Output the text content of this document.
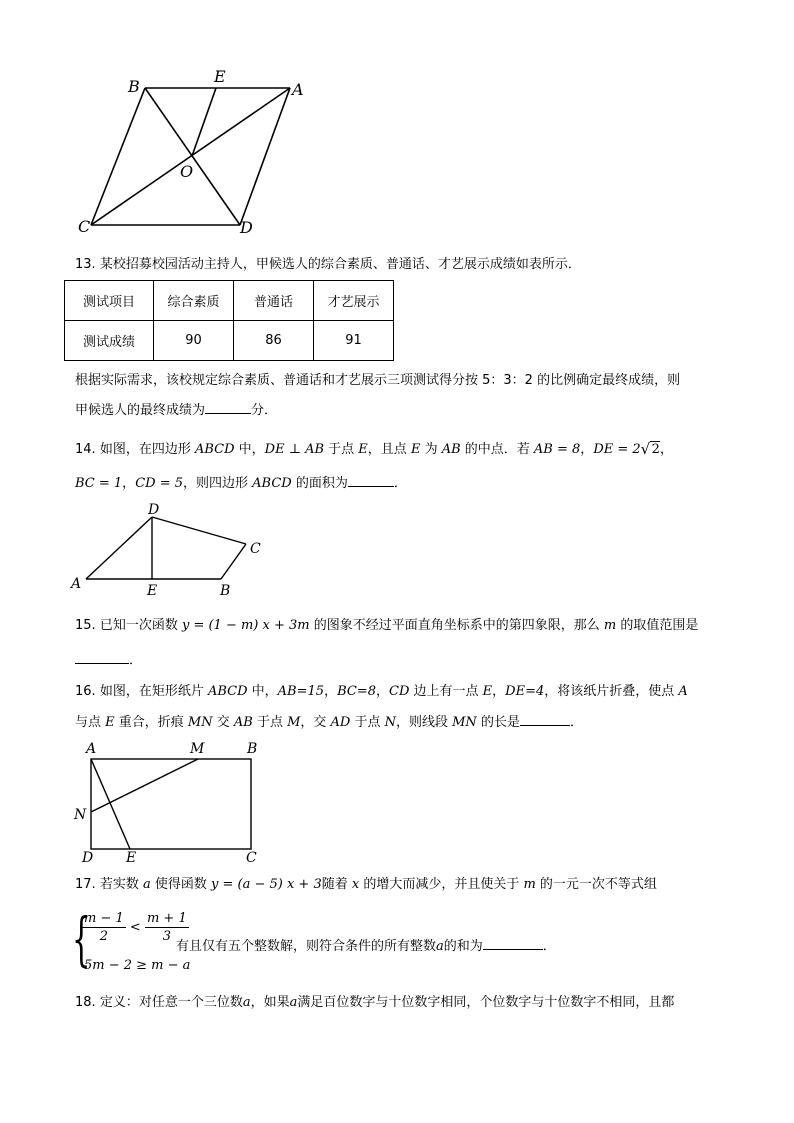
B
E
A
O
C	D
13. 某校招募校园活动主持人，甲候选人的综合素质、普通话、才艺展示成绩如表所示．
测试项目	综合素质	普通话	才艺展示
测试成绩	90	86	91
根据实际需求，该校规定综合素质、普通话和才艺展示三项测试得分按 5：3：2 的比例确定最终成绩，则
甲候选人的最终成绩为	分．
14. 如图，在四边形 ABCD 中，DE ⊥ AB 于点 E，且点 E 为 AB 的中点．若 AB = 8，DE = 2 √ 2，
BC = 1，CD = 5，则四边形 ABCD 的面积为	．
D
C
A	E	B
15. 已知一次函数 y = (1 − m) x + 3m 的图象不经过平面直角坐标系中的第四象限，那么 m 的取值范围是
．
16. 如图，在矩形纸片 ABCD 中，AB=15，BC=8，CD 边上有一点 E，DE=4，将该纸片折叠，使点 A
与点 E 重合，折痕 MN 交 AB 于点 M，交 AD 于点 N，则线段 MN 的长是	．
A	M	B
N
D E	C
17. 若实数 a 使得函数 y = (a − 5) x + 3随着 x 的增大而减少，并且使关于 m 的一元一次不等式组
{
$\frac{m - 1}{2} < \frac{m + 1}{3}$
5m − 2 ≥ m − a
有且仅有五个整数解，则符合条件的所有整数a的和为	．
18. 定义：对任意一个三位数a，如果a满足百位数字与十位数字相同，个位数字与十位数字不相同，且都
